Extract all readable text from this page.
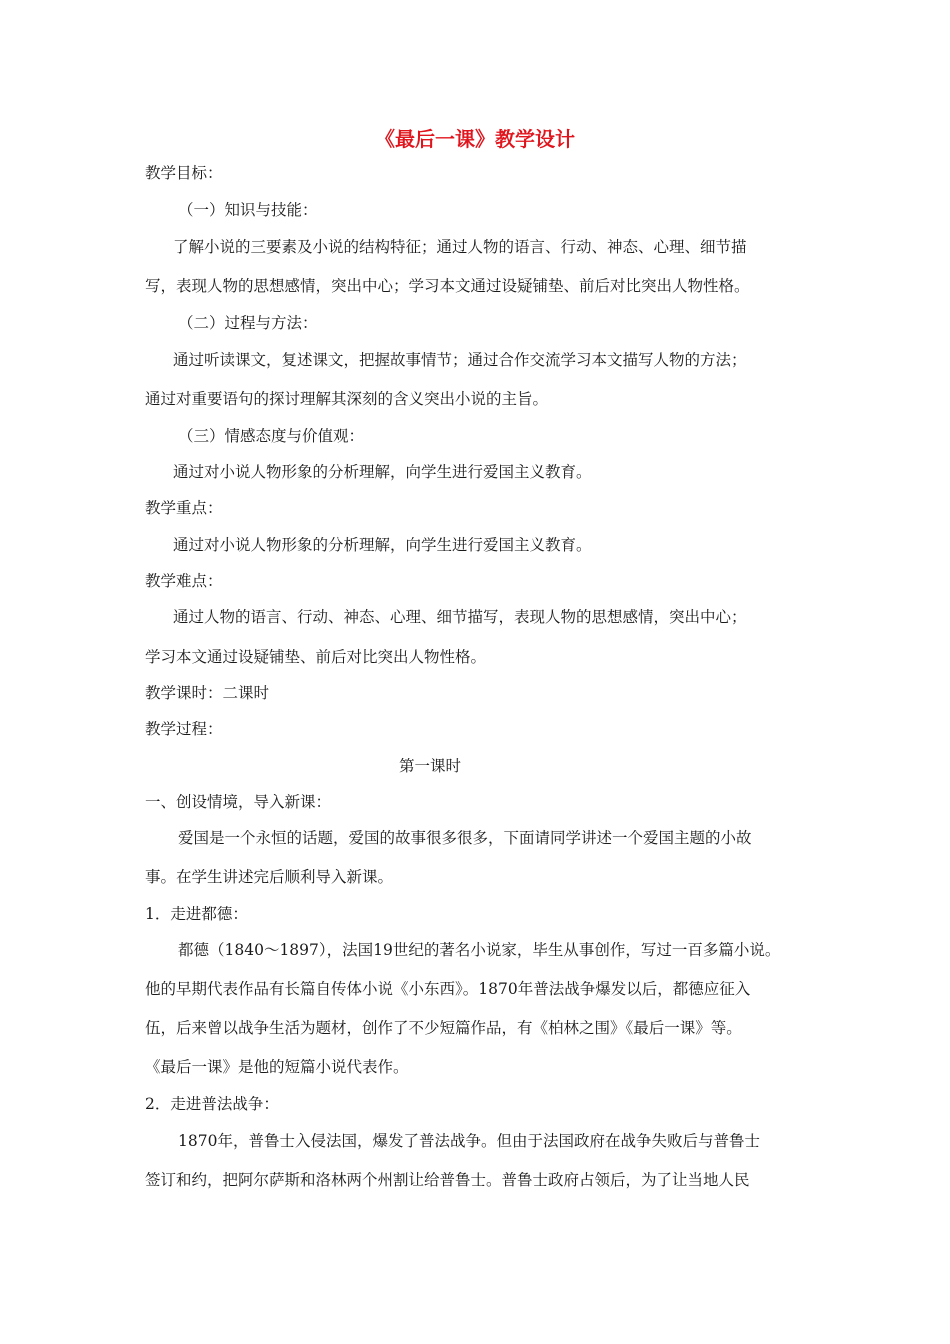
《最后一课》教学设计
教学目标：
（一）知识与技能：
了解小说的三要素及小说的结构特征；通过人物的语言、行动、神态、心理、细节描
写，表现人物的思想感情，突出中心；学习本文通过设疑铺垫、前后对比突出人物性格。
（二）过程与方法：
通过听读课文，复述课文，把握故事情节；通过合作交流学习本文描写人物的方法；
通过对重要语句的探讨理解其深刻的含义突出小说的主旨。
（三）情感态度与价值观：
通过对小说人物形象的分析理解，向学生进行爱国主义教育。
教学重点：
通过对小说人物形象的分析理解，向学生进行爱国主义教育。
教学难点：
通过人物的语言、行动、神态、心理、细节描写，表现人物的思想感情，突出中心；
学习本文通过设疑铺垫、前后对比突出人物性格。
教学课时：二课时
教学过程：
第一课时
一、创设情境，导入新课：
爱国是一个永恒的话题，爱国的故事很多很多，下面请同学讲述一个爱国主题的小故
事。在学生讲述完后顺利导入新课。
1．走进都德：
都德（1840～1897），法国19世纪的著名小说家，毕生从事创作，写过一百多篇小说。
他的早期代表作品有长篇自传体小说《小东西》。1870年普法战争爆发以后，都德应征入
伍，后来曾以战争生活为题材，创作了不少短篇作品，有《柏林之围》《最后一课》等。
《最后一课》是他的短篇小说代表作。
2．走进普法战争：
1870年，普鲁士入侵法国，爆发了普法战争。但由于法国政府在战争失败后与普鲁士
签订和约，把阿尔萨斯和洛林两个州割让给普鲁士。普鲁士政府占领后，为了让当地人民
